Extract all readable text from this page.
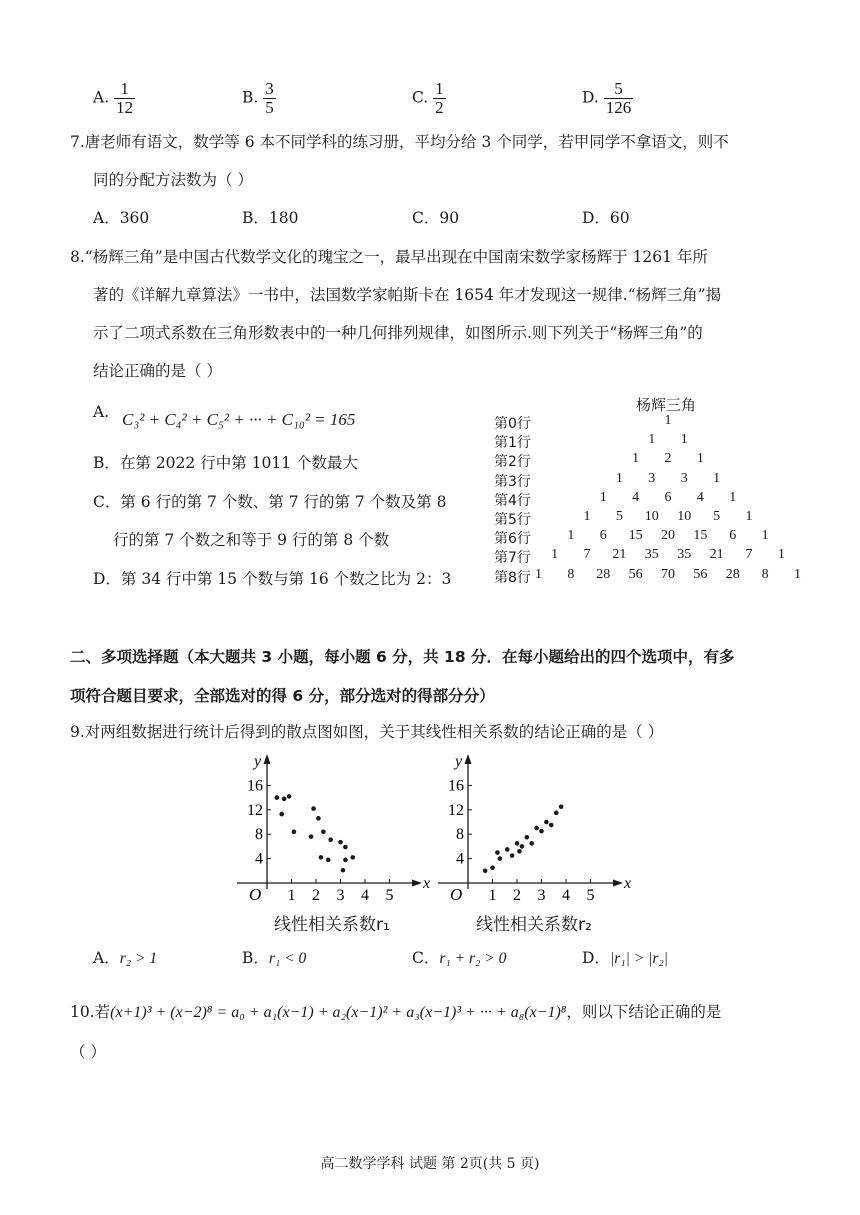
A. $\frac{1}{12}$	B. $\frac{3}{5}$	C. $\frac{1}{2}$	D. $\frac{5}{126}$
7.唐老师有语文，数学等 6 本不同学科的练习册，平均分给 3 个同学，若甲同学不拿语文，则不
同的分配方法数为（ ）
A．360	B．180	C．90	D．60
8.“杨辉三角”是中国古代数学文化的瑰宝之一，最早出现在中国南宋数学家杨辉于 1261 年所
著的《详解九章算法》一书中，法国数学家帕斯卡在 1654 年才发现这一规律.“杨辉三角”揭
示了二项式系数在三角形数表中的一种几何排列规律，如图所示.则下列关于“杨辉三角”的
结论正确的是（ ）
A. C₃² + C₄² + C₅² + ··· + C₁₀² = 165
B．在第 2022 行中第 1011 个数最大
C．第 6 行的第 7 个数、第 7 行的第 7 个数及第 8
行的第 7 个数之和等于 9 行的第 8 个数
D．第 34 行中第 15 个数与第 16 个数之比为 2：3
杨辉三角
第0行	1
第1行	1	1
第2行	1	2	1
第3行	1	3	3	1
第4行	1	4	6	4	1
第5行	1	5	10 10	5	1
第6行	1	6	15 20 15	6	1
第7行	1	7	21 35 35 21	7	1
第8行 1	8	28 56 70 56 28	8	1
二、多项选择题（本大题共 3 小题，每小题 6 分，共 18 分．在每小题给出的四个选项中，有多
项符合题目要求，全部选对的得 6 分，部分选对的得部分分）
9.对两组数据进行统计后得到的散点图如图，关于其线性相关系数的结论正确的是（ ）
y
x
O 1 2 3 4 5
4
8
12
16
y
x
O 1 2 3 4 5
4
8
12
16
线性相关系数r₁	线性相关系数r₂
A．r₂ > 1	B．r₁ < 0	C．r₁ + r₂ > 0	D．|r₁| > |r₂|
10.若(x+1)³ + (x−2)⁸ = a₀ + a₁(x−1) + a₂(x−1)² + a₃(x−1)³ + ··· + a₈(x−1)⁸，则以下结论正确的是
（ ）
高二数学学科 试题 第 2页(共 5 页)
